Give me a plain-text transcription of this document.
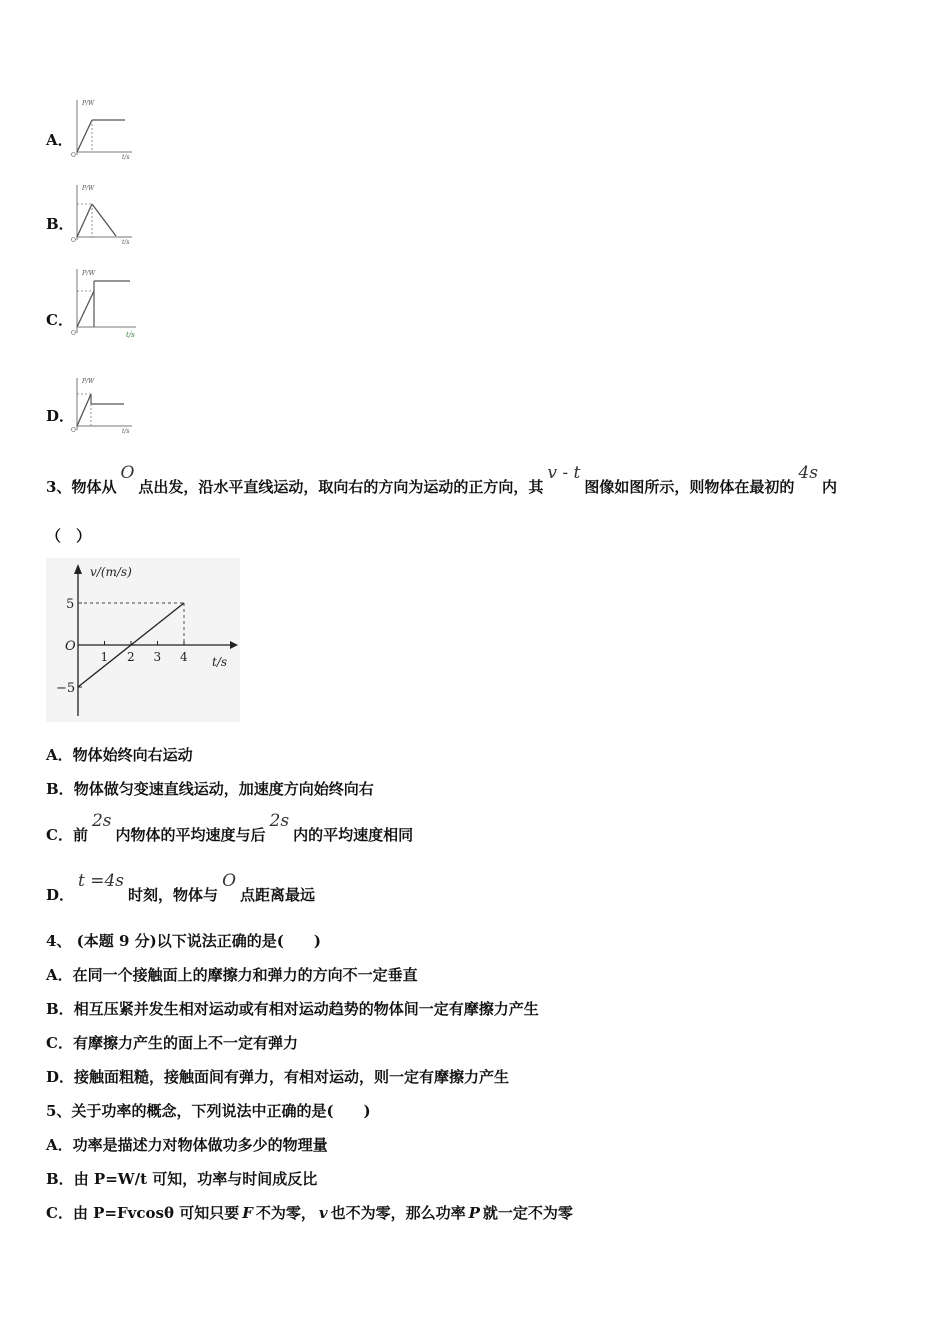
A．
P/W
t/s
O
B．
P/W
t/s
O
C．
P/W
t/s
O
D．
P/W
t/s
O
3、物体从O点出发，沿水平直线运动，取向右的方向为运动的正方向，其v - t图像如图所示，则物体在最初的4s内
（　）
v/(m/s)
t/s
O
5
−5
1 2 3 4
A．物体始终向右运动
B．物体做匀变速直线运动，加速度方向始终向右
C．前2s内物体的平均速度与后2s内的平均速度相同
D．t =4s时刻，物体与O点距离最远
4、 (本题 9 分)以下说法正确的是(　　)
A．在同一个接触面上的摩擦力和弹力的方向不一定垂直
B．相互压紧并发生相对运动或有相对运动趋势的物体间一定有摩擦力产生
C．有摩擦力产生的面上不一定有弹力
D．接触面粗糙，接触面间有弹力，有相对运动，则一定有摩擦力产生
5、关于功率的概念，下列说法中正确的是(　　)
A．功率是描述力对物体做功多少的物理量
B．由 P=W/t 可知，功率与时间成反比
C．由 P=Fvcosθ 可知只要 F 不为零， v 也不为零，那么功率 P 就一定不为零
